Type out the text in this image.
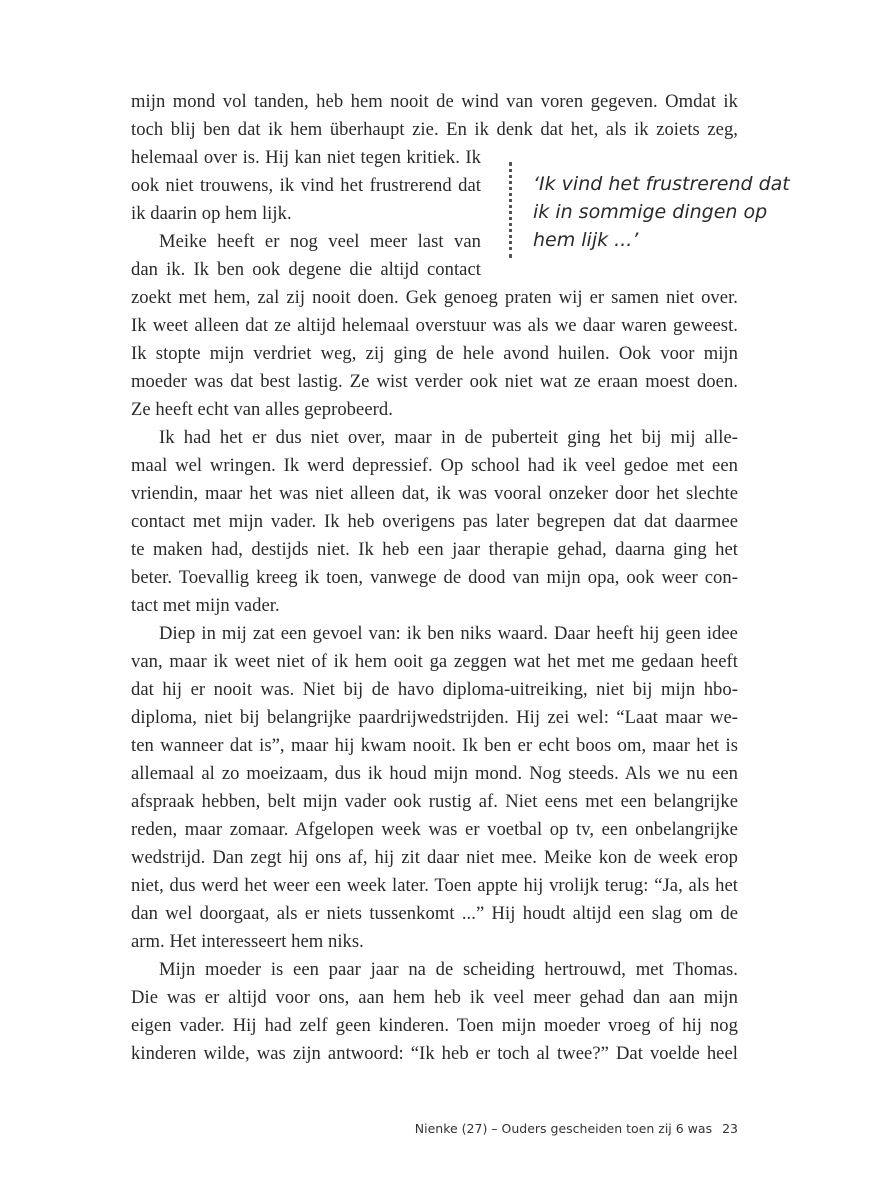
mijn mond vol tanden, heb hem nooit de wind van voren gegeven. Omdat ik
toch blij ben dat ik hem überhaupt zie. En ik denk dat het, als ik zoiets zeg,
helemaal over is. Hij kan niet tegen kritiek. Ik
ook niet trouwens, ik vind het frustrerend dat
ik daarin op hem lijk.
Meike heeft er nog veel meer last van
dan ik. Ik ben ook degene die altijd contact
zoekt met hem, zal zij nooit doen. Gek genoeg praten wij er samen niet over.
Ik weet alleen dat ze altijd helemaal overstuur was als we daar waren geweest.
Ik stopte mijn verdriet weg, zij ging de hele avond huilen. Ook voor mijn
moeder was dat best lastig. Ze wist verder ook niet wat ze eraan moest doen.
Ze heeft echt van alles geprobeerd.
Ik had het er dus niet over, maar in de puberteit ging het bij mij alle-
maal wel wringen. Ik werd depressief. Op school had ik veel gedoe met een
vriendin, maar het was niet alleen dat, ik was vooral onzeker door het slechte
contact met mijn vader. Ik heb overigens pas later begrepen dat dat daarmee
te maken had, destijds niet. Ik heb een jaar therapie gehad, daarna ging het
beter. Toevallig kreeg ik toen, vanwege de dood van mijn opa, ook weer con-
tact met mijn vader.
Diep in mij zat een gevoel van: ik ben niks waard. Daar heeft hij geen idee
van, maar ik weet niet of ik hem ooit ga zeggen wat het met me gedaan heeft
dat hij er nooit was. Niet bij de havo diploma-uitreiking, niet bij mijn hbo-
diploma, niet bij belangrijke paardrijwedstrijden. Hij zei wel: “Laat maar we-
ten wanneer dat is”, maar hij kwam nooit. Ik ben er echt boos om, maar het is
allemaal al zo moeizaam, dus ik houd mijn mond. Nog steeds. Als we nu een
afspraak hebben, belt mijn vader ook rustig af. Niet eens met een belangrijke
reden, maar zomaar. Afgelopen week was er voetbal op tv, een onbelangrijke
wedstrijd. Dan zegt hij ons af, hij zit daar niet mee. Meike kon de week erop
niet, dus werd het weer een week later. Toen appte hij vrolijk terug: “Ja, als het
dan wel doorgaat, als er niets tussenkomt ...” Hij houdt altijd een slag om de
arm. Het interesseert hem niks.
Mijn moeder is een paar jaar na de scheiding hertrouwd, met Thomas.
Die was er altijd voor ons, aan hem heb ik veel meer gehad dan aan mijn
eigen vader. Hij had zelf geen kinderen. Toen mijn moeder vroeg of hij nog
kinderen wilde, was zijn antwoord: “Ik heb er toch al twee?” Dat voelde heel
‘Ik vind het frustrerend dat
ik in sommige dingen op
hem lijk ...’
Nienke (27) – Ouders gescheiden toen zij 6 was 23
